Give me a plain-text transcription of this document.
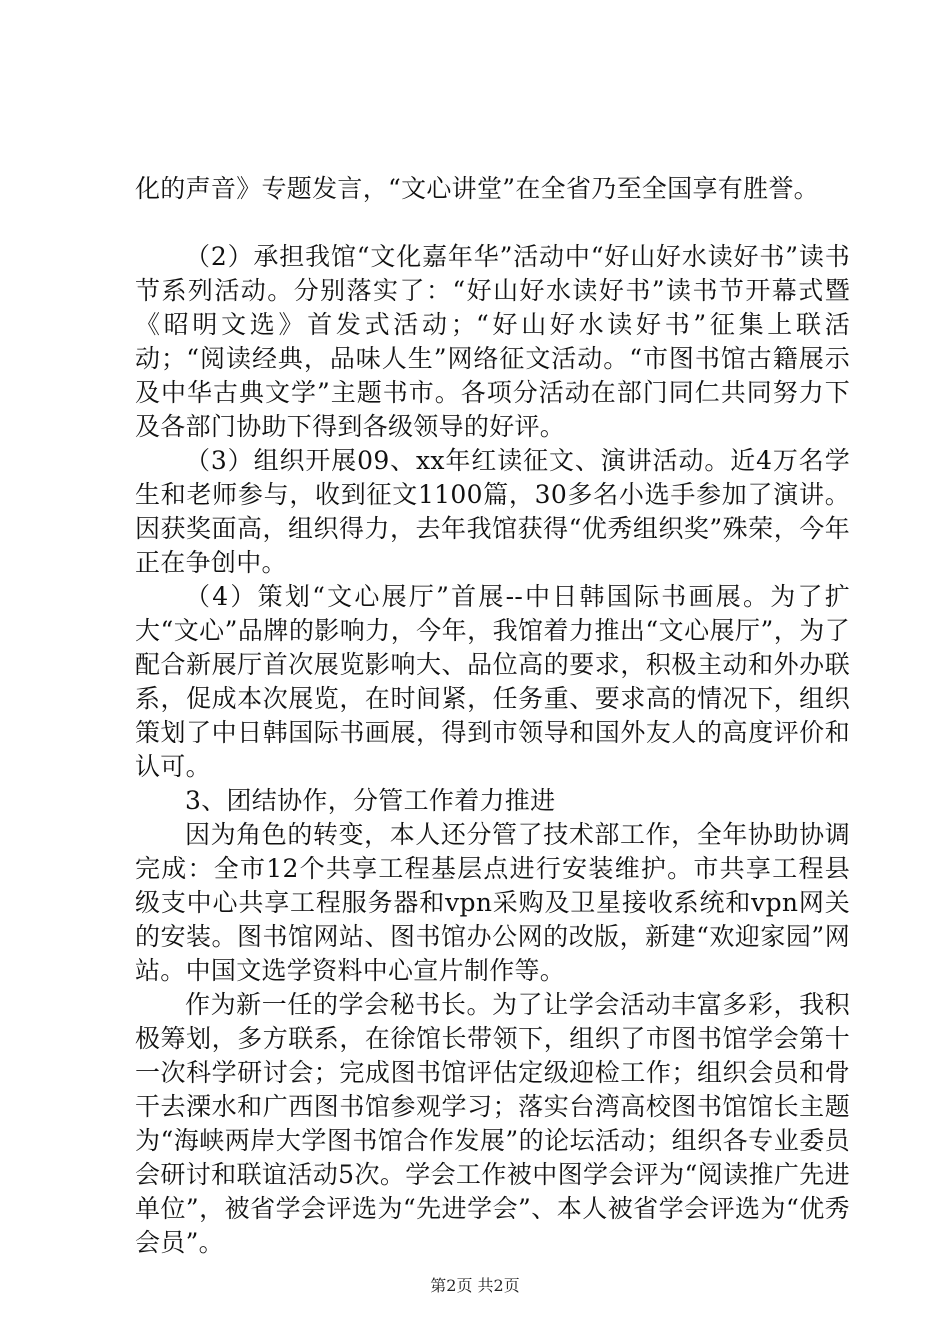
化的声音》专题发言，“文心讲堂”在全省乃至全国享有胜誉。

（2）承担我馆“文化嘉年华”活动中“好山好水读好书”读书节系列活动。分别落实了：“好山好水读好书”读书节开幕式暨《昭明文选》首发式活动；“好山好水读好书”征集上联活动；“阅读经典，品味人生”网络征文活动。“市图书馆古籍展示及中华古典文学”主题书市。各项分活动在部门同仁共同努力下及各部门协助下得到各级领导的好评。

（3）组织开展09、xx年红读征文、演讲活动。近4万名学生和老师参与，收到征文1100篇，30多名小选手参加了演讲。因获奖面高，组织得力，去年我馆获得“优秀组织奖”殊荣，今年正在争创中。

（4）策划“文心展厅”首展--中日韩国际书画展。为了扩大“文心”品牌的影响力，今年，我馆着力推出“文心展厅”，为了配合新展厅首次展览影响大、品位高的要求，积极主动和外办联系，促成本次展览，在时间紧，任务重、要求高的情况下，组织策划了中日韩国际书画展，得到市领导和国外友人的高度评价和认可。

3、团结协作，分管工作着力推进

因为角色的转变，本人还分管了技术部工作，全年协助协调完成：全市12个共享工程基层点进行安装维护。市共享工程县级支中心共享工程服务器和vpn采购及卫星接收系统和vpn网关的安装。图书馆网站、图书馆办公网的改版，新建“欢迎家园”网站。中国文选学资料中心宣片制作等。

作为新一任的学会秘书长。为了让学会活动丰富多彩，我积极筹划，多方联系，在徐馆长带领下，组织了市图书馆学会第十一次科学研讨会；完成图书馆评估定级迎检工作；组织会员和骨干去溧水和广西图书馆参观学习；落实台湾高校图书馆馆长主题为“海峡两岸大学图书馆合作发展”的论坛活动；组织各专业委员会研讨和联谊活动5次。学会工作被中图学会评为“阅读推广先进单位”，被省学会评选为“先进学会”、本人被省学会评选为“优秀会员”。

第2页 共2页
